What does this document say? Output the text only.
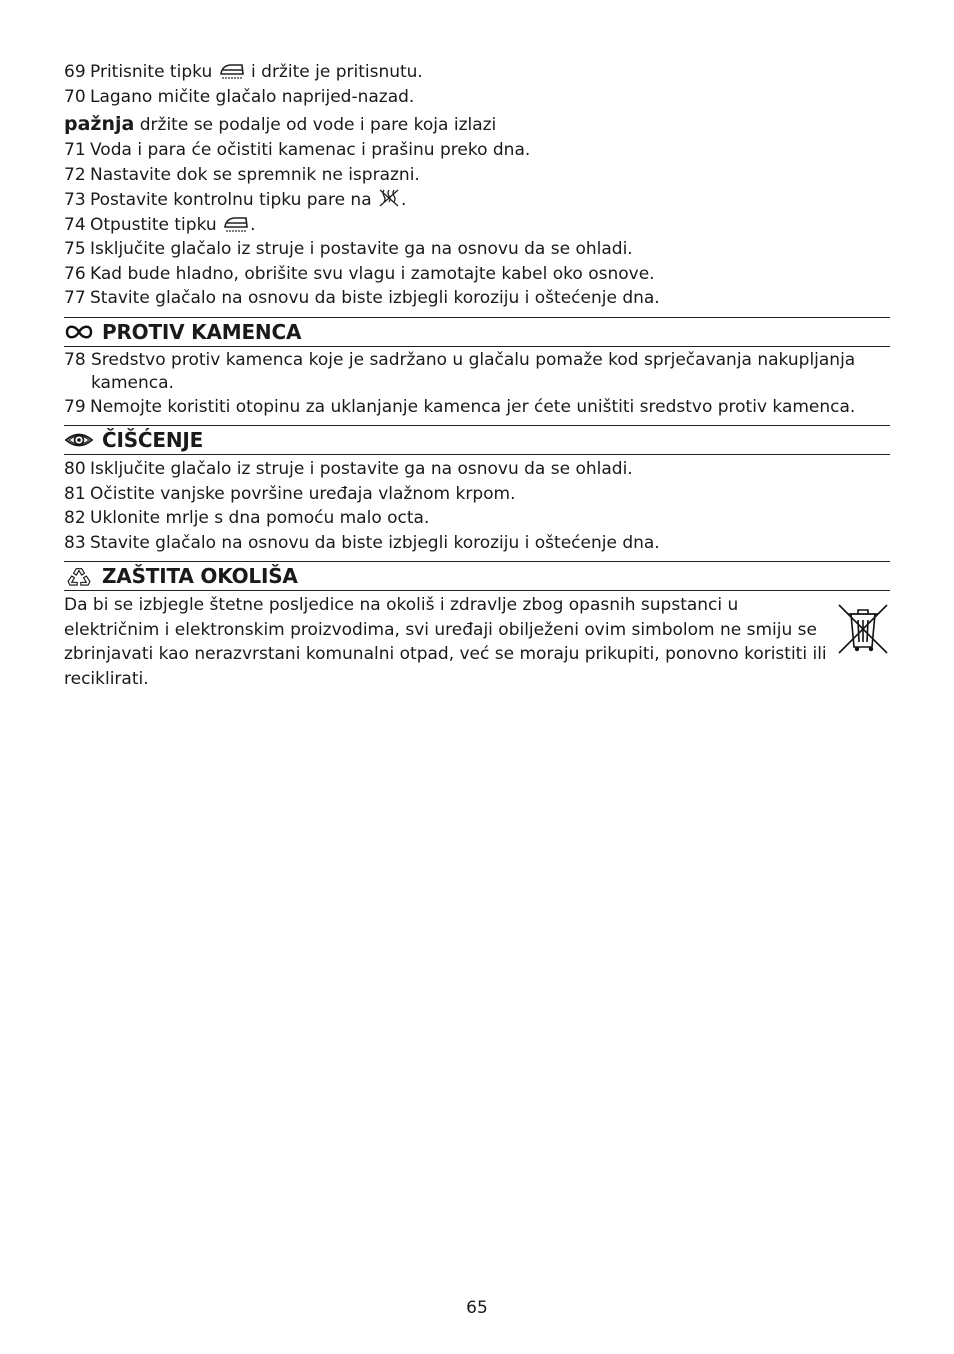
69 Pritisnite tipku  i držite je pritisnutu.
70 Lagano mičite glačalo naprijed-nazad.
pažnja držite se podalje od vode i pare koja izlazi
71 Voda i para će očistiti kamenac i prašinu preko dna.
72 Nastavite dok se spremnik ne isprazni.
73 Postavite kontrolnu tipku pare na .
74 Otpustite tipku .
75 Isključite glačalo iz struje i postavite ga na osnovu da se ohladi.
76 Kad bude hladno, obrišite svu vlagu i zamotajte kabel oko osnove.
77 Stavite glačalo na osnovu da biste izbjegli koroziju i oštećenje dna.
PROTIV KAMENCA
78 Sredstvo protiv kamenca koje je sadržano u glačalu pomaže kod sprječavanja nakupljanja kamenca.
79 Nemojte koristiti otopinu za uklanjanje kamenca jer ćete uništiti sredstvo protiv kamenca.
ČIŠĆENJE
80 Isključite glačalo iz struje i postavite ga na osnovu da se ohladi.
81 Očistite vanjske površine uređaja vlažnom krpom.
82 Uklonite mrlje s dna pomoću malo octa.
83 Stavite glačalo na osnovu da biste izbjegli koroziju i oštećenje dna.
ZAŠTITA OKOLIŠA
Da bi se izbjegle štetne posljedice na okoliš i zdravlje zbog opasnih supstanci u električnim i elektronskim proizvodima, svi uređaji obilježeni ovim simbolom ne smiju se zbrinjavati kao nerazvrstani komunalni otpad, već se moraju prikupiti, ponovno koristiti ili reciklirati.
65
